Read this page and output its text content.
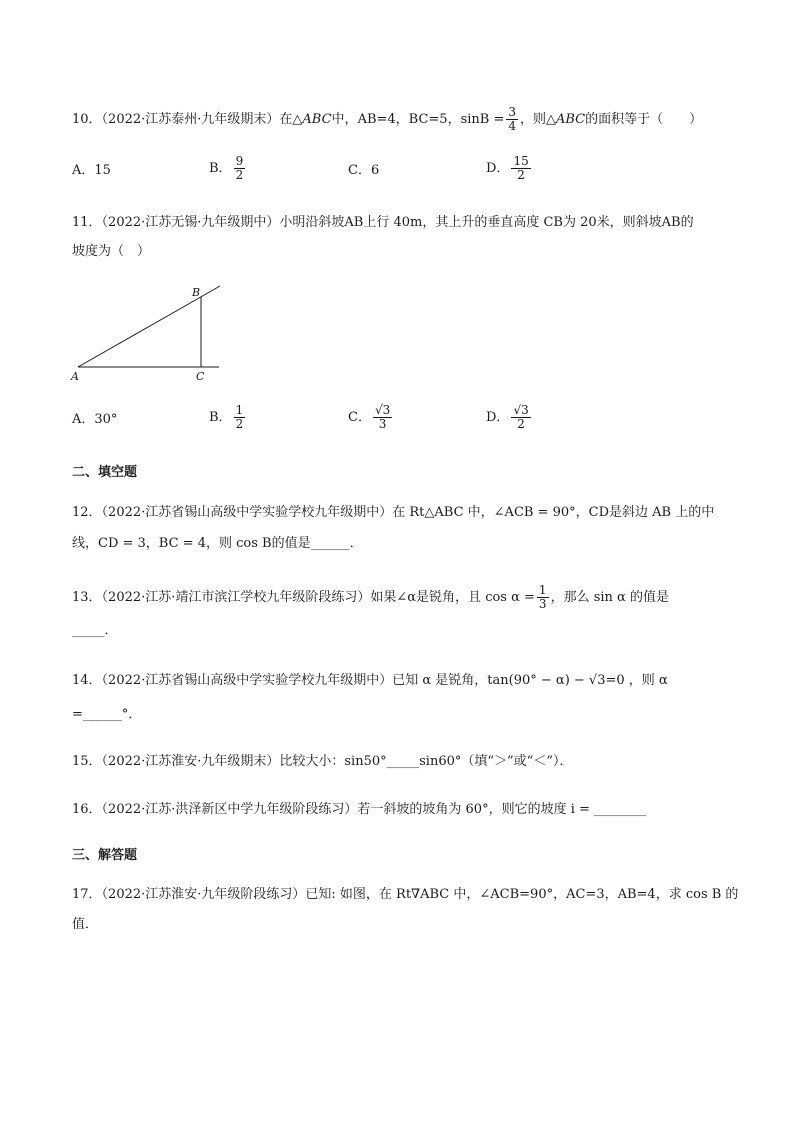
10．（2022·江苏泰州·九年级期末）在△ABC中，AB=4，BC=5，$\sin B = \frac{3}{4}$ ，则△ABC的面积等于（　　）
A．15	B． $\frac{9}{2}$	C．6	D． $\frac{15}{2}$
11．（2022·江苏无锡·九年级期中）小明沿斜坡AB上行 40m，其上升的垂直高度 CB为 20米，则斜坡AB的
坡度为（　）
A
B
C
A．30°	B． $\frac{1}{2}$	C． $\frac{√3}{3}$	D． $\frac{√3}{2}$
二、填空题
12．（2022·江苏省锡山高级中学实验学校九年级期中）在 Rt△ABC 中，∠ACB = 90°，CD是斜边 AB 上的中
线，CD = 3，BC = 4，则 cos B的值是______．
13．（2022·江苏·靖江市滨江学校九年级阶段练习）如果∠α是锐角，且 $\cos \alpha = \frac{1}{3}$ ，那么 sin α 的值是
_____．
14．（2022·江苏省锡山高级中学实验学校九年级期中）已知 α 是锐角，tan(90° − α) − √3=0 ，则 α
=______°．
15．（2022·江苏淮安·九年级期末）比较大小：sin50°_____sin60°（填“＞”或“＜”）．
16．（2022·江苏·洪泽新区中学九年级阶段练习）若一斜坡的坡角为 60°，则它的坡度 i = ________
三、解答题
17．（2022·江苏淮安·九年级阶段练习）已知: 如图，在 Rt∇ABC 中，∠ACB=90°，AC=3，AB=4，求 cos B 的
值．
